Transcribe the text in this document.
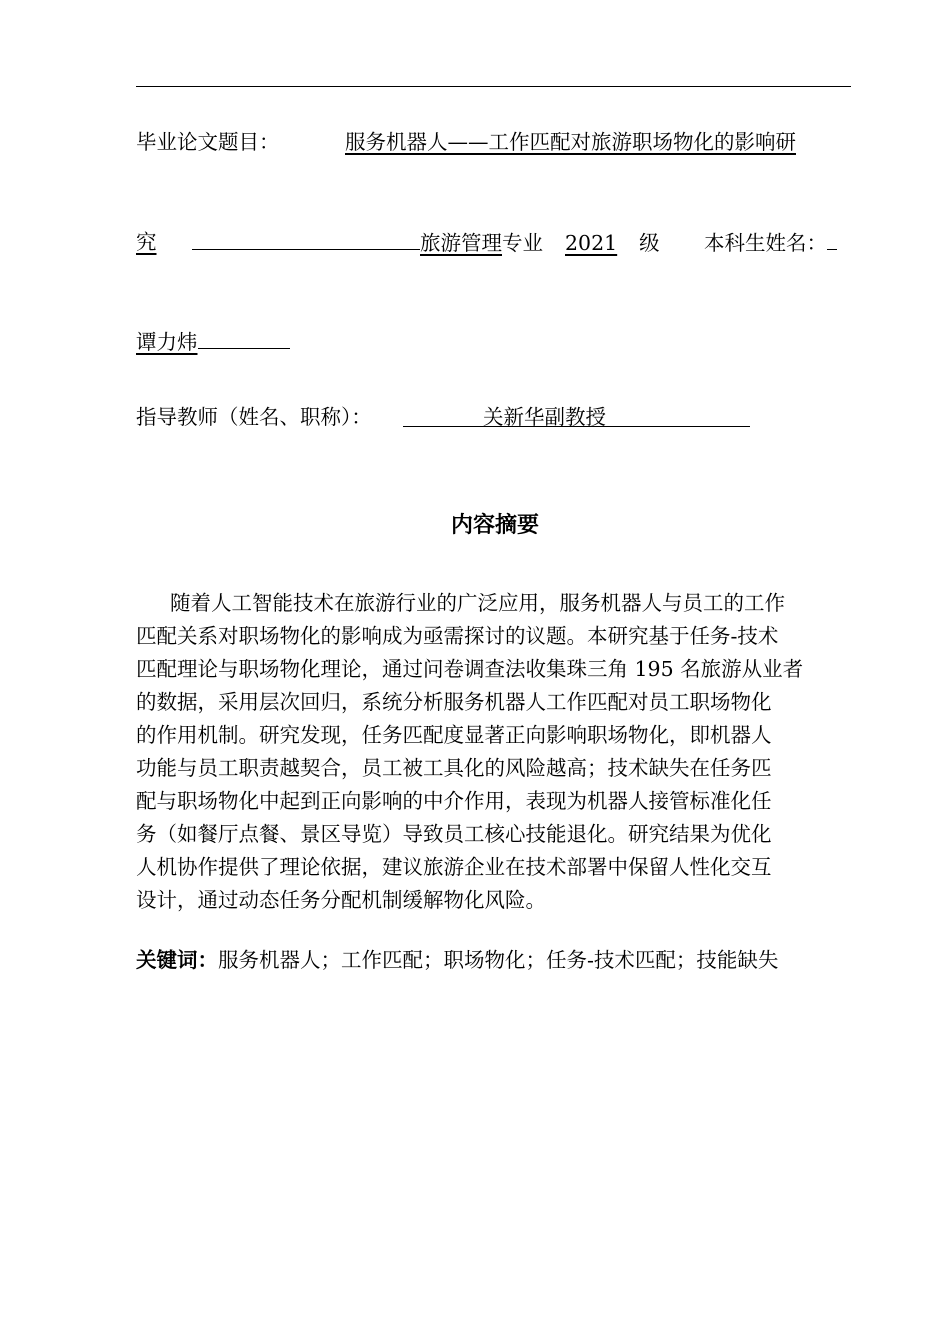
毕业论文题目：	服务机器人——工作匹配对旅游职场物化的影响研
究	旅游管理专业 2021 级 本科生姓名：
谭力炜
指导教师（姓名、职称）：	关新华副教授
内容摘要
随着人工智能技术在旅游行业的广泛应用，服务机器人与员工的工作
匹配关系对职场物化的影响成为亟需探讨的议题。本研究基于任务-技术
匹配理论与职场物化理论，通过问卷调查法收集珠三角 195 名旅游从业者
的数据，采用层次回归，系统分析服务机器人工作匹配对员工职场物化
的作用机制。研究发现，任务匹配度显著正向影响职场物化，即机器人
功能与员工职责越契合，员工被工具化的风险越高；技术缺失在任务匹
配与职场物化中起到正向影响的中介作用，表现为机器人接管标准化任
务（如餐厅点餐、景区导览）导致员工核心技能退化。研究结果为优化
人机协作提供了理论依据，建议旅游企业在技术部署中保留人性化交互
设计，通过动态任务分配机制缓解物化风险。
关键词：服务机器人；工作匹配；职场物化；任务-技术匹配；技能缺失
